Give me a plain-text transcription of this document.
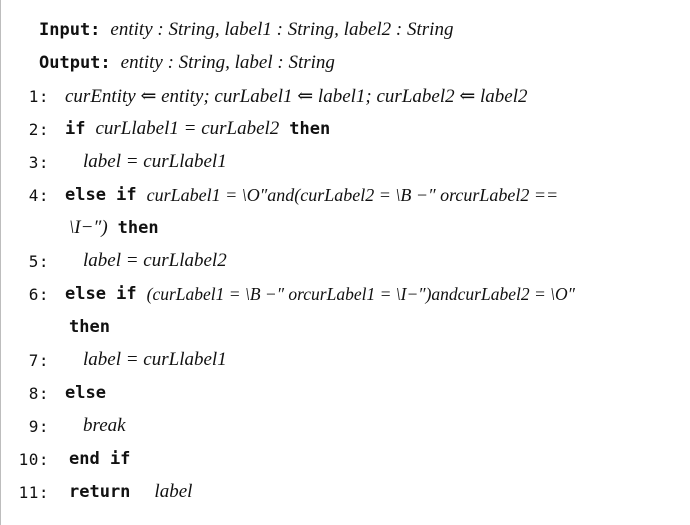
Input: entity : String, label1 : String, label2 : String
Output: entity : String, label : String
1: curEntity ⇐ entity; curLabel1 ⇐ label1; curLabel2 ⇐ label2
2: if curLlabel1 = curLabel2 then
3: label = curLlabel1
4: else if curLabel1 = \O″and(curLabel2 = \B −″ orcurLabel2 ==
\I−″) then
5: label = curLlabel2
6: else if (curLabel1 = \B −″ orcurLabel1 = \I−″)andcurLabel2 = \O″
then
7: label = curLlabel1
8: else
9: break
10: end if
11: return label
